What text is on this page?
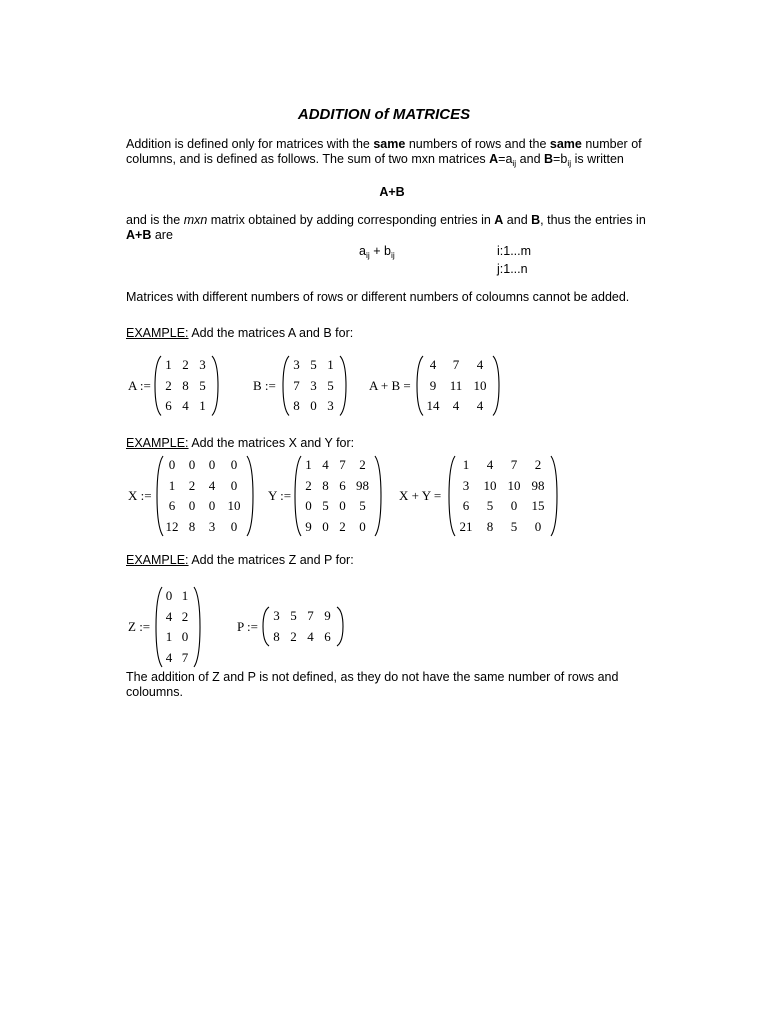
ADDITION of MATRICES
Addition is defined only for matrices with the same numbers of rows and the same number of
columns, and is defined as follows. The sum of two mxn matrices $A=a_{ij}$ and $B=b_{ij}$ is written
A+B
and is the mxn matrix obtained by adding corresponding entries in A and B, thus the entries in
A+B are
$a_{ij} + b_{ij}$	i:1...m
j:1...n
Matrices with different numbers of rows or different numbers of coloumns cannot be added.
EXAMPLE: Add the matrices A and B for:
A :=
1 2 3
2 8 5
6 4 1
B :=
3 5 1
7 3 5
8 0 3
A + B =
4	7	4
9	11 10
14	4	4
EXAMPLE: Add the matrices X and Y for:
X :=
0	0	0	0
1	2	4	0
6	0	0 10
12 8	3	0
Y :=
1 4 7	2
2 8 6 98
0 5 0	5
9 0 2	0
X + Y =
1	4	7	2
3	10 10 98
6	5	0	15
21	8	5	0
EXAMPLE: Add the matrices Z and P for:
Z :=
0 1
4 2
1 0
4 7
P :=
3 5 7 9
8 2 4 6
The addition of Z and P is not defined, as they do not have the same number of rows and
coloumns.
